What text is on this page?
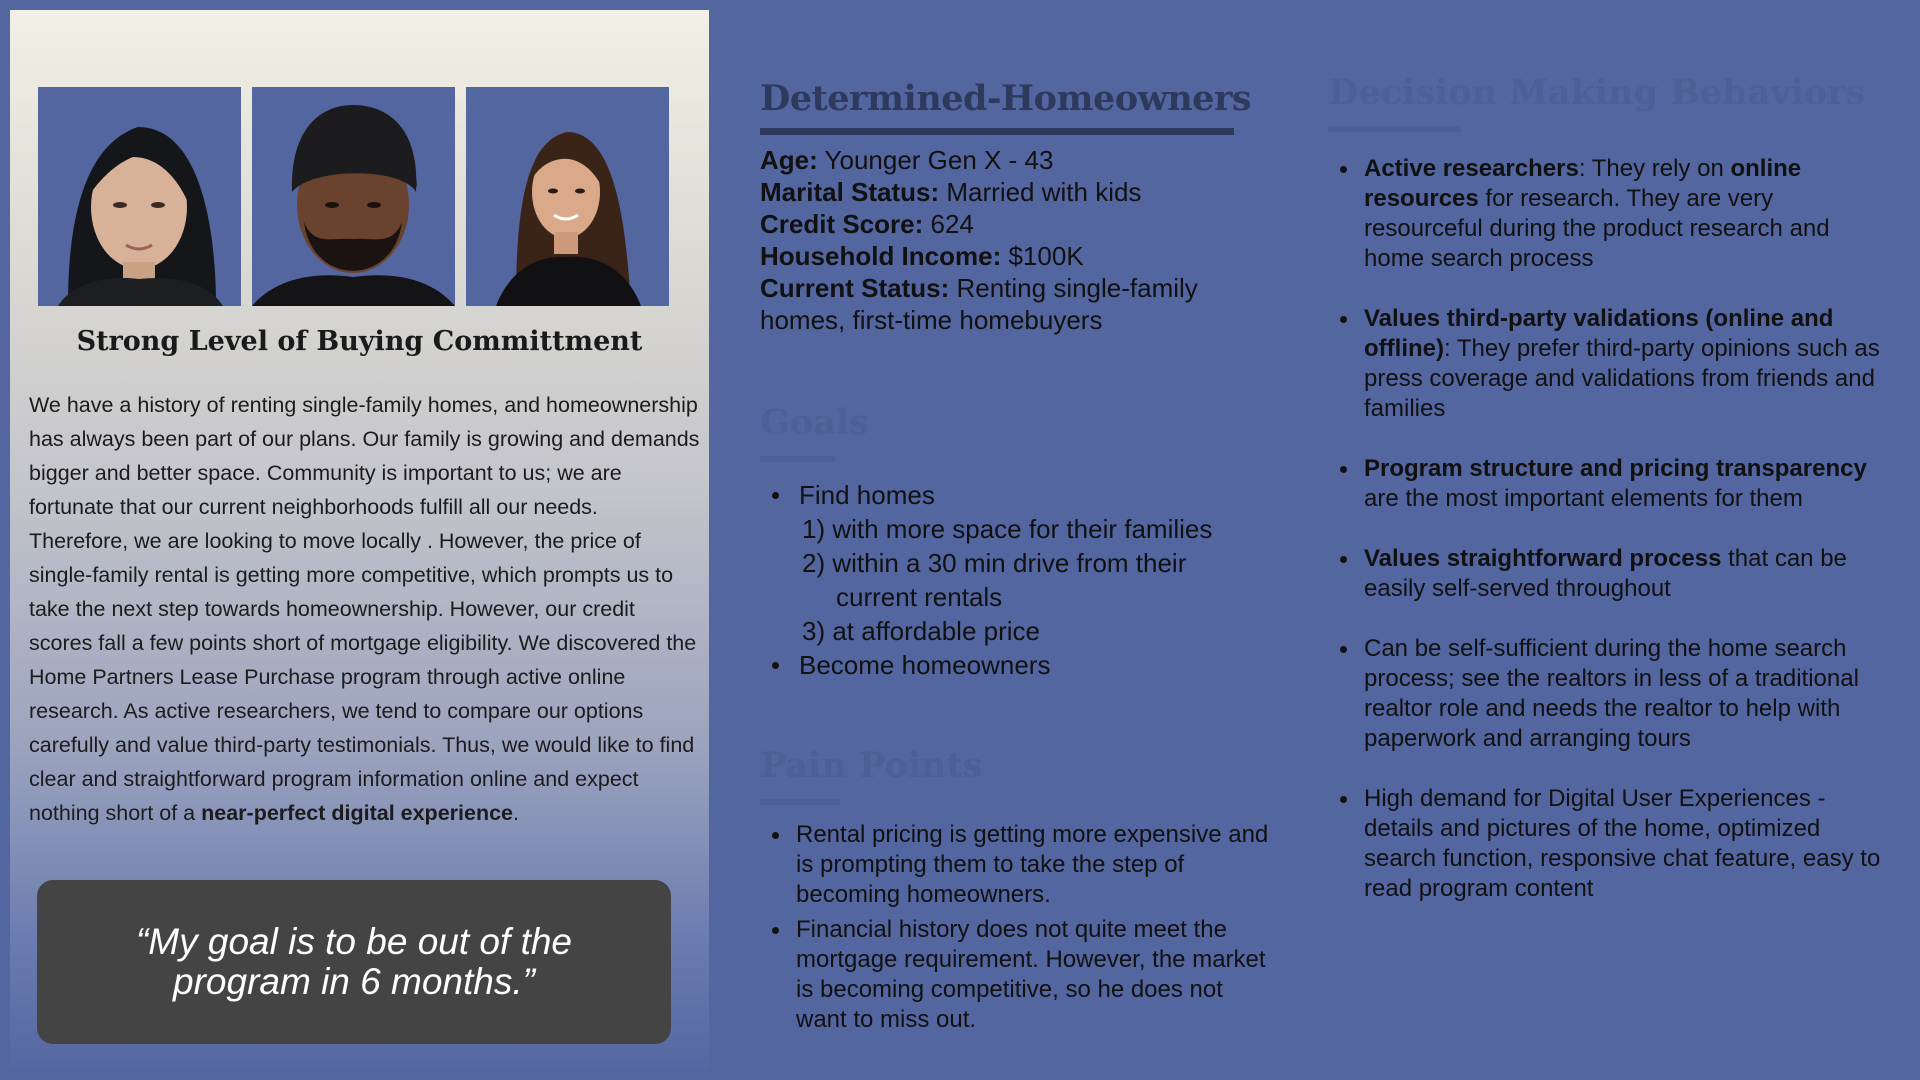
Strong Level of Buying Committment
We have a history of renting single-family homes, and homeownership has always been part of our plans. Our family is growing and demands bigger and better space. Community is important to us; we are fortunate that our current neighborhoods fulfill all our needs. Therefore, we are looking to move locally . However, the price of single-family rental is getting more competitive, which prompts us to take the next step towards homeownership. However, our credit scores fall a few points short of mortgage eligibility. We discovered the Home Partners Lease Purchase program through active online research. As active researchers, we tend to compare our options carefully and value third-party testimonials. Thus, we would like to find clear and straightforward program information online and expect nothing short of a near-perfect digital experience.
“My goal is to be out of the program in 6 months.”
Determined-Homeowners
Age: Younger Gen X - 43
Marital Status: Married with kids
Credit Score: 624
Household Income: $100K
Current Status: Renting single-family homes, first-time homebuyers
Goals
Find homes
1) with more space for their families
2) within a 30 min drive from their
current rentals
3) at affordable price
Become homeowners
Pain Points
Rental pricing is getting more expensive and is prompting them to take the step of becoming homeowners.
Financial history does not quite meet the mortgage requirement. However, the market is becoming competitive, so he does not want to miss out.
Decision Making Behaviors
Active researchers: They rely on online resources for research. They are very resourceful during the product research and home search process
Values third-party validations (online and offline): They prefer third-party opinions such as press coverage and validations from friends and families
Program structure and pricing transparency are the most important elements for them
Values straightforward process that can be easily self-served throughout
Can be self-sufficient during the home search process; see the realtors in less of a traditional realtor role and needs the realtor to help with paperwork and arranging tours
High demand for Digital User Experiences - details and pictures of the home, optimized search function, responsive chat feature, easy to read program content
